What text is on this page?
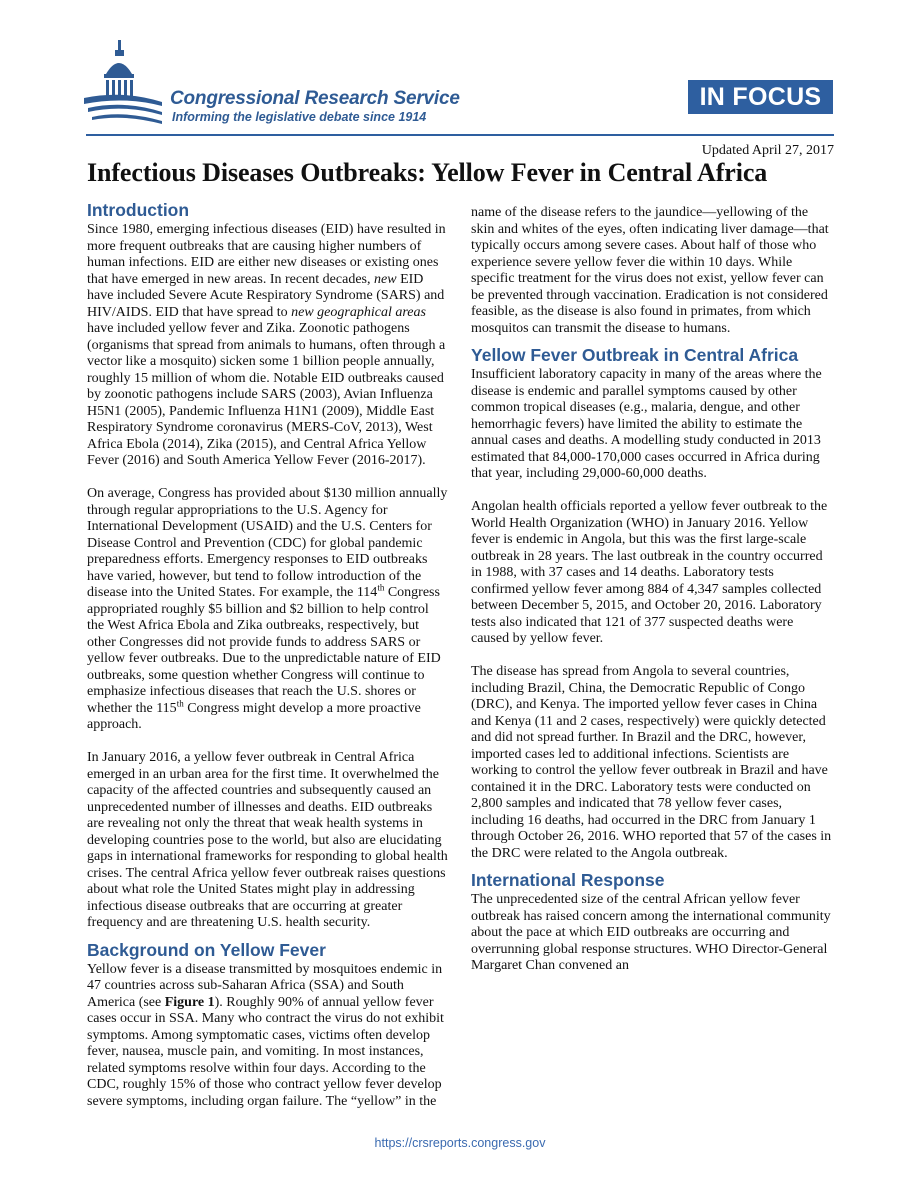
Congressional Research Service
Informing the legislative debate since 1914
IN FOCUS
Updated April 27, 2017
Infectious Diseases Outbreaks: Yellow Fever in Central Africa
Introduction

Since 1980, emerging infectious diseases (EID) have resulted in more frequent outbreaks that are causing higher numbers of human infections. EID are either new diseases or existing ones that have emerged in new areas. In recent decades, new EID have included Severe Acute Respiratory Syndrome (SARS) and HIV/AIDS. EID that have spread to new geographical areas have included yellow fever and Zika. Zoonotic pathogens (organisms that spread from animals to humans, often through a vector like a mosquito) sicken some 1 billion people annually, roughly 15 million of whom die. Notable EID outbreaks caused by zoonotic pathogens include SARS (2003), Avian Influenza H5N1 (2005), Pandemic Influenza H1N1 (2009), Middle East Respiratory Syndrome coronavirus (MERS-CoV, 2013), West Africa Ebola (2014), Zika (2015), and Central Africa Yellow Fever (2016) and South America Yellow Fever (2016-2017).

On average, Congress has provided about $130 million annually through regular appropriations to the U.S. Agency for International Development (USAID) and the U.S. Centers for Disease Control and Prevention (CDC) for global pandemic preparedness efforts. Emergency responses to EID outbreaks have varied, however, but tend to follow introduction of the disease into the United States. For example, the 114th Congress appropriated roughly $5 billion and $2 billion to help control the West Africa Ebola and Zika outbreaks, respectively, but other Congresses did not provide funds to address SARS or yellow fever outbreaks. Due to the unpredictable nature of EID outbreaks, some question whether Congress will continue to emphasize infectious diseases that reach the U.S. shores or whether the 115th Congress might develop a more proactive approach.

In January 2016, a yellow fever outbreak in Central Africa emerged in an urban area for the first time. It overwhelmed the capacity of the affected countries and subsequently caused an unprecedented number of illnesses and deaths. EID outbreaks are revealing not only the threat that weak health systems in developing countries pose to the world, but also are elucidating gaps in international frameworks for responding to global health crises. The central Africa yellow fever outbreak raises questions about what role the United States might play in addressing infectious disease outbreaks that are occurring at greater frequency and are threatening U.S. health security.

Background on Yellow Fever

Yellow fever is a disease transmitted by mosquitoes endemic in 47 countries across sub-Saharan Africa (SSA) and South America (see Figure 1). Roughly 90% of annual yellow fever cases occur in SSA. Many who contract the virus do not exhibit symptoms. Among symptomatic cases, victims often develop fever, nausea, muscle pain, and vomiting. In most instances, related symptoms resolve within four days. According to the CDC, roughly 15% of those who contract yellow fever develop severe symptoms, including organ failure. The “yellow” in the

name of the disease refers to the jaundice—yellowing of the skin and whites of the eyes, often indicating liver damage—that typically occurs among severe cases. About half of those who experience severe yellow fever die within 10 days. While specific treatment for the virus does not exist, yellow fever can be prevented through vaccination. Eradication is not considered feasible, as the disease is also found in primates, from which mosquitos can transmit the disease to humans.

Yellow Fever Outbreak in Central Africa

Insufficient laboratory capacity in many of the areas where the disease is endemic and parallel symptoms caused by other common tropical diseases (e.g., malaria, dengue, and other hemorrhagic fevers) have limited the ability to estimate the annual cases and deaths. A modelling study conducted in 2013 estimated that 84,000-170,000 cases occurred in Africa during that year, including 29,000-60,000 deaths.

Angolan health officials reported a yellow fever outbreak to the World Health Organization (WHO) in January 2016. Yellow fever is endemic in Angola, but this was the first large-scale outbreak in 28 years. The last outbreak in the country occurred in 1988, with 37 cases and 14 deaths. Laboratory tests confirmed yellow fever among 884 of 4,347 samples collected between December 5, 2015, and October 20, 2016. Laboratory tests also indicated that 121 of 377 suspected deaths were caused by yellow fever.

The disease has spread from Angola to several countries, including Brazil, China, the Democratic Republic of Congo (DRC), and Kenya. The imported yellow fever cases in China and Kenya (11 and 2 cases, respectively) were quickly detected and did not spread further. In Brazil and the DRC, however, imported cases led to additional infections. Scientists are working to control the yellow fever outbreak in Brazil and have contained it in the DRC. Laboratory tests were conducted on 2,800 samples and indicated that 78 yellow fever cases, including 16 deaths, had occurred in the DRC from January 1 through October 26, 2016. WHO reported that 57 of the cases in the DRC were related to the Angola outbreak.

International Response

The unprecedented size of the central African yellow fever outbreak has raised concern among the international community about the pace at which EID outbreaks are occurring and overrunning global response structures. WHO Director-General Margaret Chan convened an

https://crsreports.congress.gov
